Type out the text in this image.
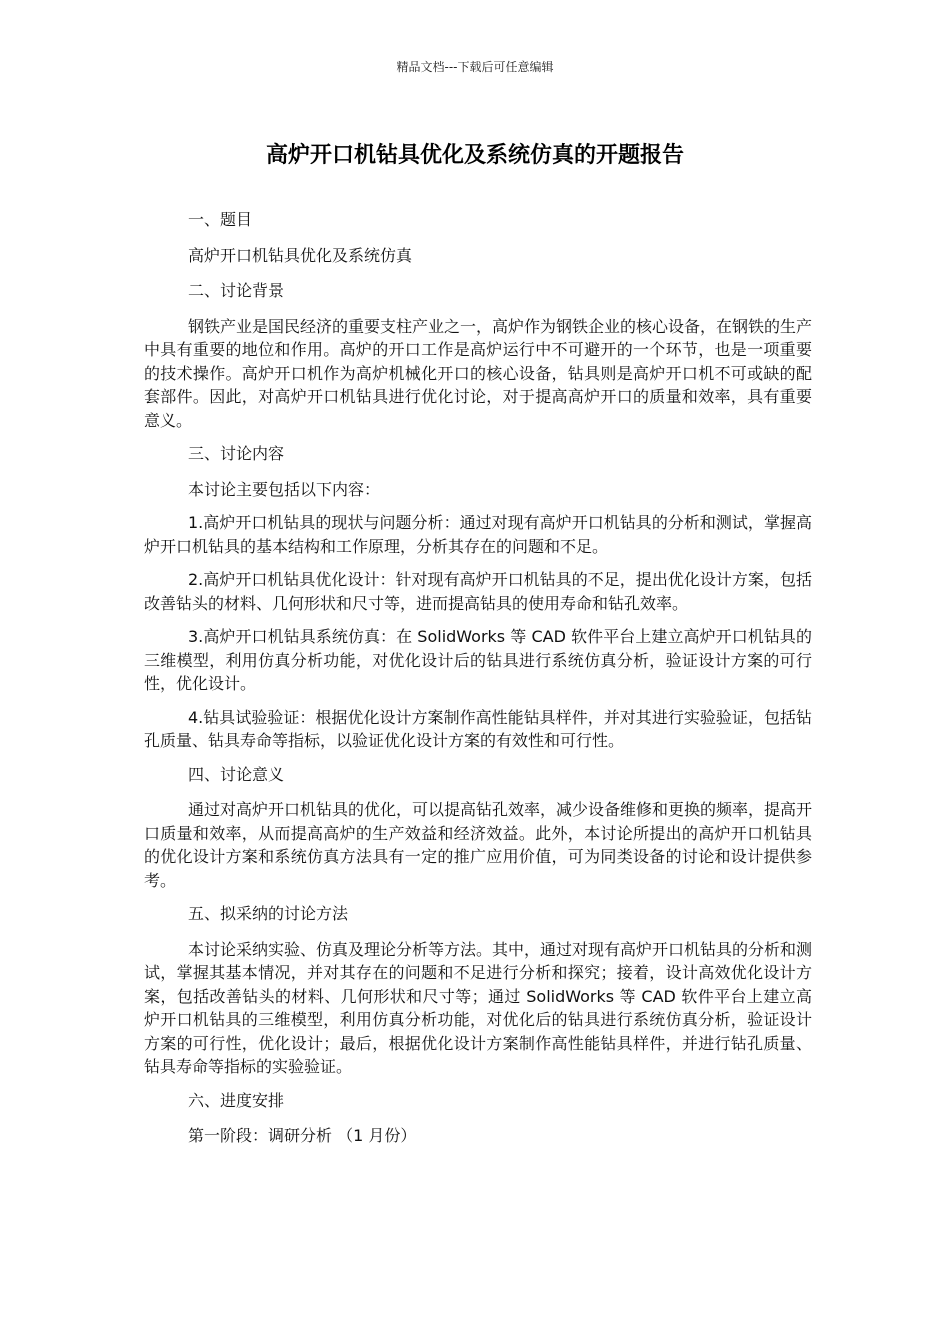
精品文档---下载后可任意编辑
高炉开口机钻具优化及系统仿真的开题报告
一、题目
高炉开口机钻具优化及系统仿真
二、讨论背景

钢铁产业是国民经济的重要支柱产业之一，高炉作为钢铁企业的核心设备，在钢铁的生产中具有重要的地位和作用。高炉的开口工作是高炉运行中不可避开的一个环节，也是一项重要的技术操作。高炉开口机作为高炉机械化开口的核心设备，钻具则是高炉开口机不可或缺的配套部件。因此，对高炉开口机钻具进行优化讨论，对于提高高炉开口的质量和效率，具有重要意义。

三、讨论内容

本讨论主要包括以下内容：

1.高炉开口机钻具的现状与问题分析：通过对现有高炉开口机钻具的分析和测试，掌握高炉开口机钻具的基本结构和工作原理，分析其存在的问题和不足。

2.高炉开口机钻具优化设计：针对现有高炉开口机钻具的不足，提出优化设计方案，包括改善钻头的材料、几何形状和尺寸等，进而提高钻具的使用寿命和钻孔效率。

3.高炉开口机钻具系统仿真：在 SolidWorks 等 CAD 软件平台上建立高炉开口机钻具的三维模型，利用仿真分析功能，对优化设计后的钻具进行系统仿真分析，验证设计方案的可行性，优化设计。

4.钻具试验验证：根据优化设计方案制作高性能钻具样件，并对其进行实验验证，包括钻孔质量、钻具寿命等指标，以验证优化设计方案的有效性和可行性。

四、讨论意义

通过对高炉开口机钻具的优化，可以提高钻孔效率，减少设备维修和更换的频率，提高开口质量和效率，从而提高高炉的生产效益和经济效益。此外，本讨论所提出的高炉开口机钻具的优化设计方案和系统仿真方法具有一定的推广应用价值，可为同类设备的讨论和设计提供参考。

五、拟采纳的讨论方法

本讨论采纳实验、仿真及理论分析等方法。其中，通过对现有高炉开口机钻具的分析和测试，掌握其基本情况，并对其存在的问题和不足进行分析和探究；接着，设计高效优化设计方案，包括改善钻头的材料、几何形状和尺寸等；通过 SolidWorks 等 CAD 软件平台上建立高炉开口机钻具的三维模型，利用仿真分析功能，对优化后的钻具进行系统仿真分析，验证设计方案的可行性，优化设计；最后，根据优化设计方案制作高性能钻具样件，并进行钻孔质量、钻具寿命等指标的实验验证。

六、进度安排

第一阶段：调研分析 （1 月份）
